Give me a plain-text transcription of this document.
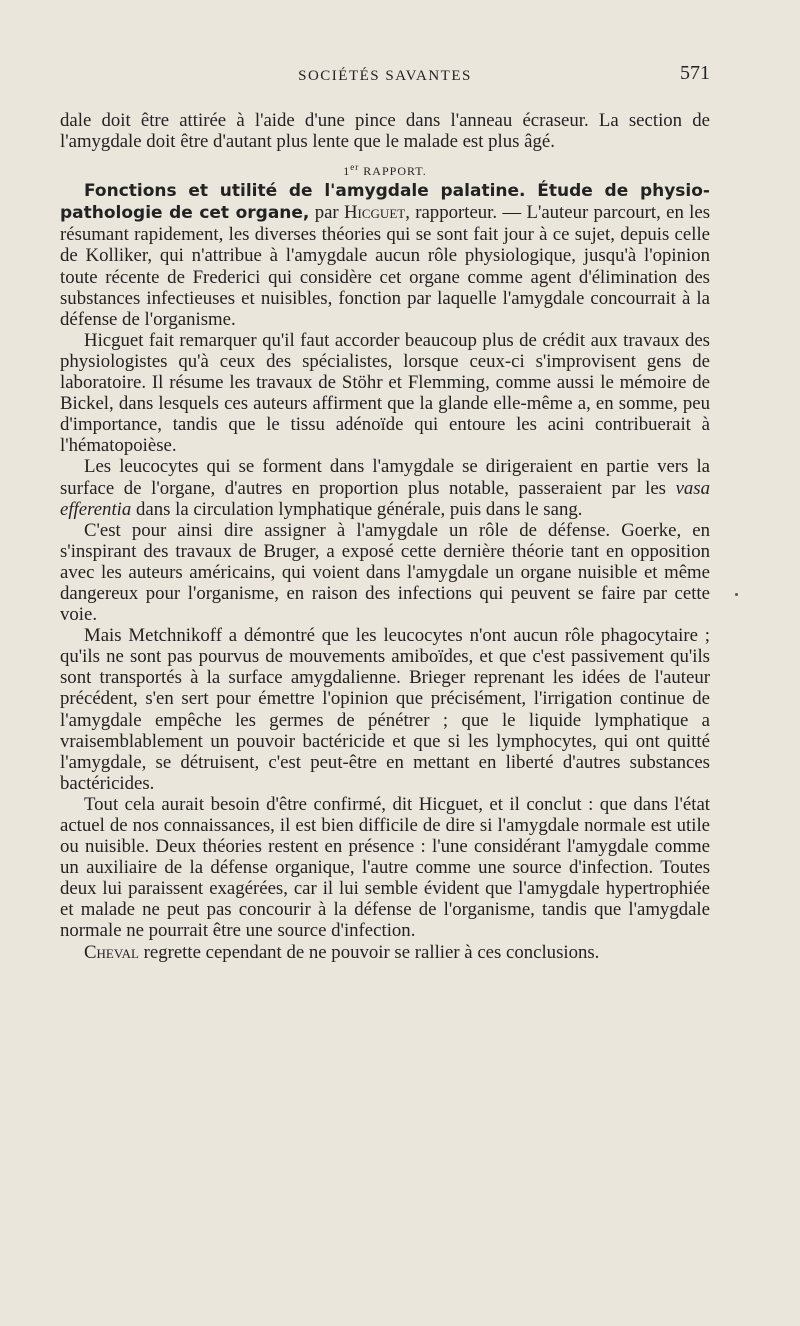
SOCIÉTÉS SAVANTES	571

dale doit être attirée à l'aide d'une pince dans l'anneau écraseur. La section de l'amygdale doit être d'autant plus lente que le malade est plus âgé.

1er RAPPORT.

Fonctions et utilité de l'amygdale palatine. Étude de physio-pathologie de cet organe, par Hicguet, rapporteur. — L'auteur parcourt, en les résumant rapidement, les diverses théories qui se sont fait jour à ce sujet, depuis celle de Kolliker, qui n'attribue à l'amygdale aucun rôle physiologique, jusqu'à l'opinion toute récente de Frederici qui considère cet organe comme agent d'élimination des substances infectieuses et nuisibles, fonction par laquelle l'amygdale concourrait à la défense de l'organisme.

Hicguet fait remarquer qu'il faut accorder beaucoup plus de crédit aux travaux des physiologistes qu'à ceux des spécialistes, lorsque ceux-ci s'improvisent gens de laboratoire. Il résume les travaux de Stöhr et Flemming, comme aussi le mémoire de Bickel, dans lesquels ces auteurs affirment que la glande elle-même a, en somme, peu d'importance, tandis que le tissu adénoïde qui entoure les acini contribuerait à l'hématopoièse.

Les leucocytes qui se forment dans l'amygdale se dirigeraient en partie vers la surface de l'organe, d'autres en proportion plus notable, passeraient par les vasa efferentia dans la circulation lymphatique générale, puis dans le sang.

C'est pour ainsi dire assigner à l'amygdale un rôle de défense. Goerke, en s'inspirant des travaux de Bruger, a exposé cette dernière théorie tant en opposition avec les auteurs américains, qui voient dans l'amygdale un organe nuisible et même dangereux pour l'organisme, en raison des infections qui peuvent se faire par cette voie.

Mais Metchnikoff a démontré que les leucocytes n'ont aucun rôle phagocytaire ; qu'ils ne sont pas pourvus de mouvements amiboïdes, et que c'est passivement qu'ils sont transportés à la surface amygdalienne. Brieger reprenant les idées de l'auteur précédent, s'en sert pour émettre l'opinion que précisément, l'irrigation continue de l'amygdale empêche les germes de pénétrer ; que le liquide lymphatique a vraisemblablement un pouvoir bactéricide et que si les lymphocytes, qui ont quitté l'amygdale, se détruisent, c'est peut-être en mettant en liberté d'autres substances bactéricides.

Tout cela aurait besoin d'être confirmé, dit Hicguet, et il conclut : que dans l'état actuel de nos connaissances, il est bien difficile de dire si l'amygdale normale est utile ou nuisible. Deux théories restent en présence : l'une considérant l'amygdale comme un auxiliaire de la défense organique, l'autre comme une source d'infection. Toutes deux lui paraissent exagérées, car il lui semble évident que l'amygdale hypertrophiée et malade ne peut pas concourir à la défense de l'organisme, tandis que l'amygdale normale ne pourrait être une source d'infection.

Cheval regrette cependant de ne pouvoir se rallier à ces conclusions.
